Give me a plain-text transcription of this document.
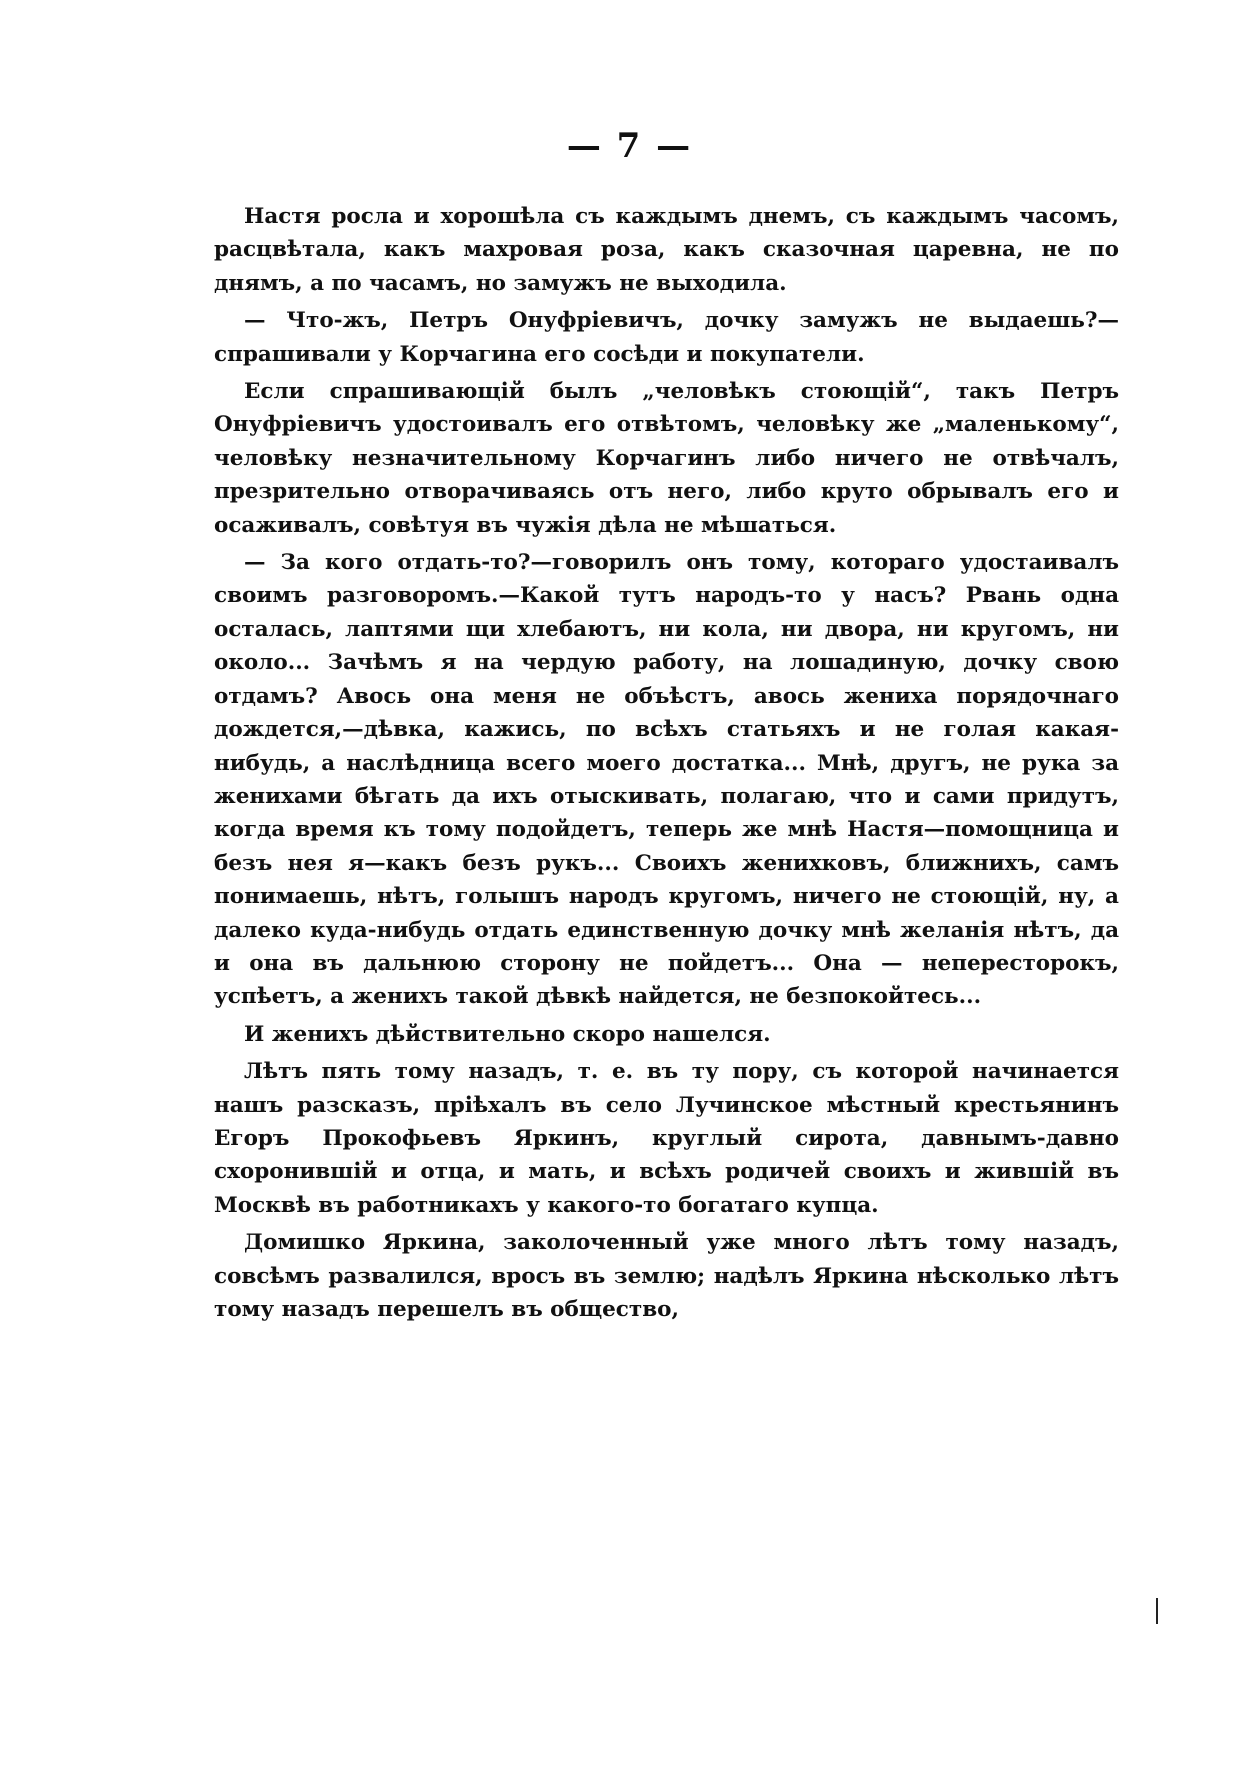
— 7 —

Настя росла и хорошѣла съ каждымъ днемъ, съ каждымъ часомъ, расцвѣтала, какъ махровая роза, какъ сказочная царевна, не по днямъ, а по часамъ, но замужъ не выходила.

— Что-жъ, Петръ Онуфріевичъ, дочку замужъ не выдаешь?—спрашивали у Корчагина его сосѣди и покупатели.

Если спрашивающій былъ „человѣкъ стоющій“, такъ Петръ Онуфріевичъ удостоивалъ его отвѣтомъ, человѣку же „маленькому“, человѣку незначительному Корчагинъ либо ничего не отвѣчалъ, презрительно отворачиваясь отъ него, либо круто обрывалъ его и осаживалъ, совѣтуя въ чужія дѣла не мѣшаться.

— За кого отдать-то?—говорилъ онъ тому, котораго удостаивалъ своимъ разговоромъ.—Какой тутъ народъ-то у насъ? Рвань одна осталась, лаптями щи хлебаютъ, ни кола, ни двора, ни кругомъ, ни около... Зачѣмъ я на чердую работу, на лошадиную, дочку свою отдамъ? Авось она меня не объѣстъ, авось жениха порядочнаго дождется,—дѣвка, кажись, по всѣхъ статьяхъ и не голая какая-нибудь, а наслѣдница всего моего достатка... Мнѣ, другъ, не рука за женихами бѣгать да ихъ отыскивать, полагаю, что и сами придутъ, когда время къ тому подойдетъ, теперь же мнѣ Настя—помощница и безъ нея я—какъ безъ рукъ... Своихъ женихковъ, ближнихъ, самъ понимаешь, нѣтъ, голышъ народъ кругомъ, ничего не стоющій, ну, а далеко куда-нибудь отдать единственную дочку мнѣ желанія нѣтъ, да и она въ дальнюю сторону не пойдетъ... Она — непересторокъ, успѣетъ, а женихъ такой дѣвкѣ найдется, не безпокойтесь...

И женихъ дѣйствительно скоро нашелся.

Лѣтъ пять тому назадъ, т. е. въ ту пору, съ которой начинается нашъ разсказъ, пріѣхалъ въ село Лучинское мѣстный крестьянинъ Егоръ Прокофьевъ Яркинъ, круглый сирота, давнымъ-давно схоронившій и отца, и мать, и всѣхъ родичей своихъ и жившій въ Москвѣ въ работникахъ у какого-то богатаго купца.

Домишко Яркина, заколоченный уже много лѣтъ тому назадъ, совсѣмъ развалился, вросъ въ землю; надѣлъ Яркина нѣсколько лѣтъ тому назадъ перешелъ въ общество,
